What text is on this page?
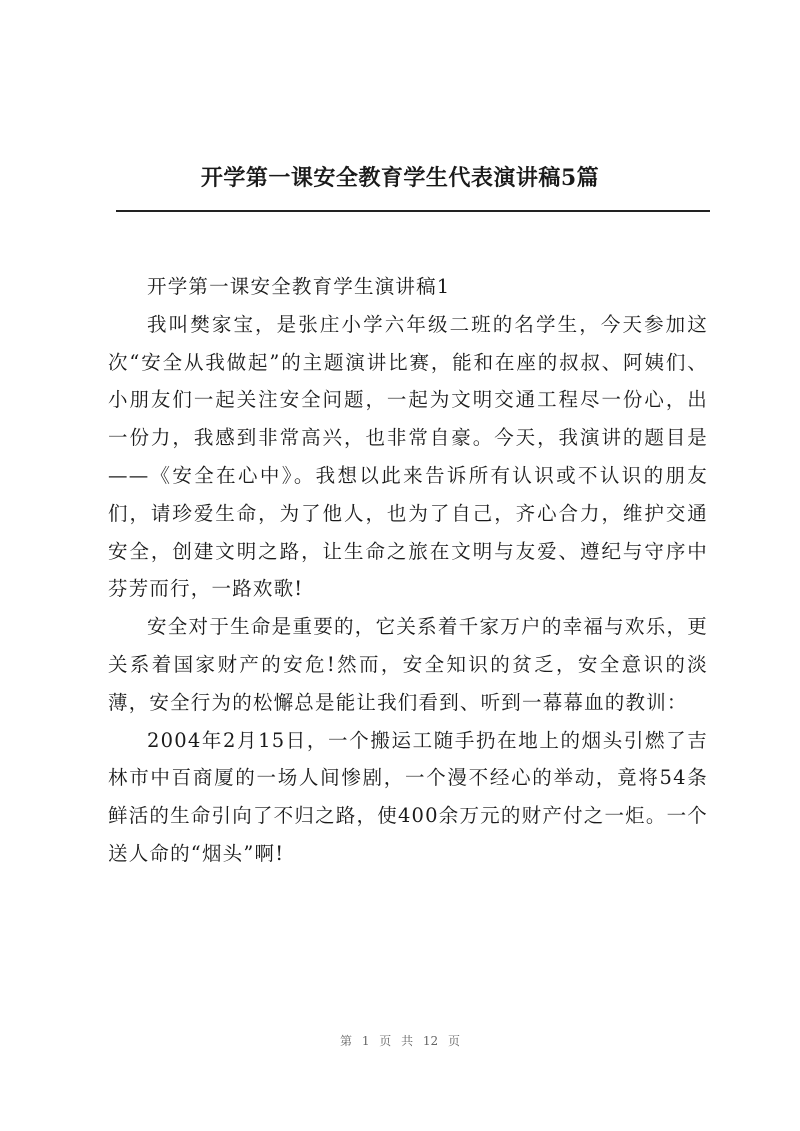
开学第一课安全教育学生代表演讲稿5篇

开学第一课安全教育学生演讲稿1

我叫樊家宝，是张庄小学六年级二班的名学生，今天参加这次“安全从我做起”的主题演讲比赛，能和在座的叔叔、阿姨们、小朋友们一起关注安全问题，一起为文明交通工程尽一份心，出一份力，我感到非常高兴，也非常自豪。今天，我演讲的题目是——《安全在心中》。我想以此来告诉所有认识或不认识的朋友们，请珍爱生命，为了他人，也为了自己，齐心合力，维护交通安全，创建文明之路，让生命之旅在文明与友爱、遵纪与守序中芬芳而行，一路欢歌!

安全对于生命是重要的，它关系着千家万户的幸福与欢乐，更关系着国家财产的安危!然而，安全知识的贫乏，安全意识的淡薄，安全行为的松懈总是能让我们看到、听到一幕幕血的教训：

2004年2月15日，一个搬运工随手扔在地上的烟头引燃了吉林市中百商厦的一场人间惨剧，一个漫不经心的举动，竟将54条鲜活的生命引向了不归之路，使400余万元的财产付之一炬。一个送人命的“烟头”啊!

第 1 页 共 12 页
